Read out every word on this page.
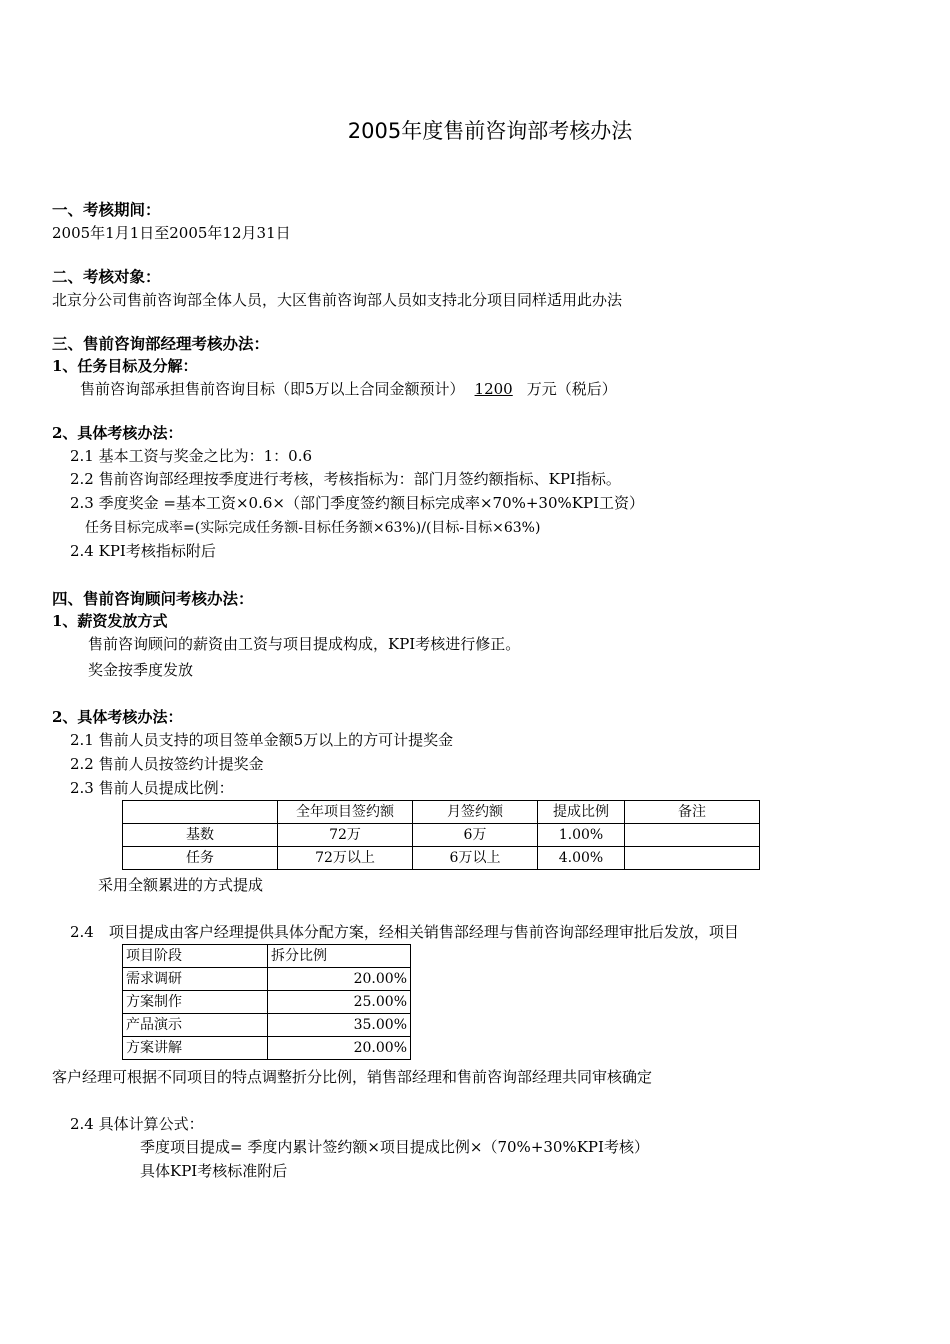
2005年度售前咨询部考核办法
一、考核期间：
2005年1月1日至2005年12月31日
二、考核对象：
北京分公司售前咨询部全体人员，大区售前咨询部人员如支持北分项目同样适用此办法
三、售前咨询部经理考核办法：
1、任务目标及分解：
售前咨询部承担售前咨询目标（即5万以上合同金额预计） 1200 万元（税后）
2、具体考核办法：
2.1 基本工资与奖金之比为：1：0.6
2.2 售前咨询部经理按季度进行考核，考核指标为：部门月签约额指标、KPI指标。
2.3 季度奖金 =基本工资×0.6×（部门季度签约额目标完成率×70%+30%KPI工资）
任务目标完成率=(实际完成任务额-目标任务额×63%)/(目标-目标×63%)
2.4 KPI考核指标附后
四、售前咨询顾问考核办法：
1、薪资发放方式
售前咨询顾问的薪资由工资与项目提成构成，KPI考核进行修正。
奖金按季度发放
2、具体考核办法：
2.1 售前人员支持的项目签单金额5万以上的方可计提奖金
2.2 售前人员按签约计提奖金
2.3 售前人员提成比例：
	全年项目签约额	月签约额	提成比例	备注
基数	72万	6万	1.00%	
任务	72万以上	6万以上	4.00%	
采用全额累进的方式提成
2.4　项目提成由客户经理提供具体分配方案，经相关销售部经理与售前咨询部经理审批后发放，项目
项目阶段	拆分比例
需求调研	20.00%
方案制作	25.00%
产品演示	35.00%
方案讲解	20.00%
客户经理可根据不同项目的特点调整折分比例，销售部经理和售前咨询部经理共同审核确定
2.4 具体计算公式：
季度项目提成= 季度内累计签约额×项目提成比例×（70%+30%KPI考核）
具体KPI考核标准附后
